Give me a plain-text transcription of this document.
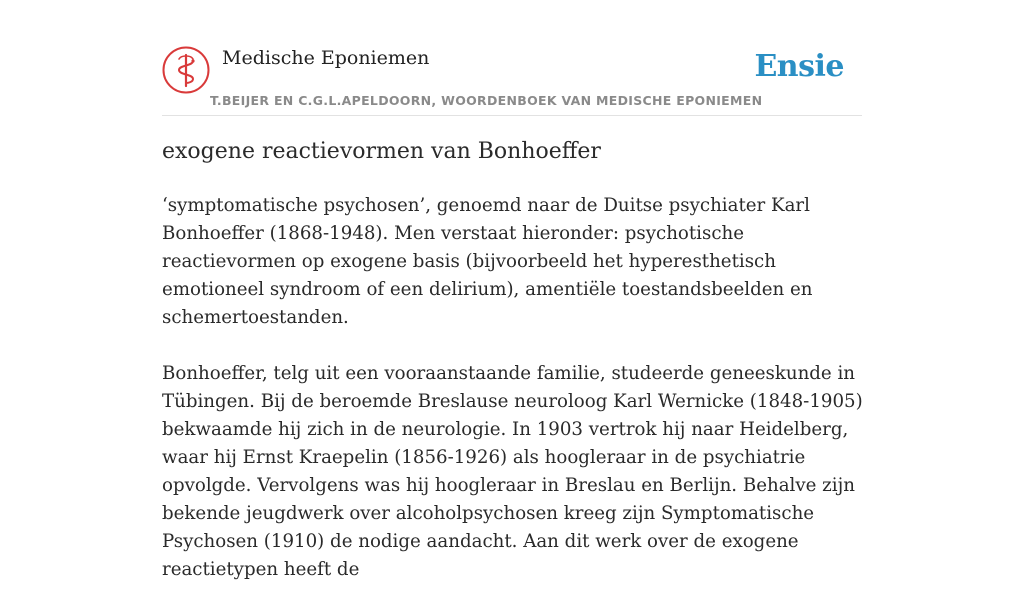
Medische Eponiemen
T.BEIJER EN C.G.L.APELDOORN, WOORDENBOEK VAN MEDISCHE EPONIEMEN
Ensie
exogene reactievormen van Bonhoeffer

‘symptomatische psychosen’, genoemd naar de Duitse psychiater Karl Bonhoeffer (1868-1948). Men verstaat hieronder: psychotische reactievormen op exogene basis (bijvoorbeeld het hyperesthetisch emotioneel syndroom of een delirium), amentiële toestandsbeelden en schemertoestanden.

Bonhoeffer, telg uit een vooraanstaande familie, studeerde geneeskunde in Tübingen. Bij de beroemde Breslause neuroloog Karl Wernicke (1848-1905) bekwaamde hij zich in de neurologie. In 1903 vertrok hij naar Heidelberg, waar hij Ernst Kraepelin (1856-1926) als hoogleraar in de psychiatrie opvolgde. Vervolgens was hij hoogleraar in Breslau en Berlijn. Behalve zijn bekende jeugdwerk over alcoholpsychosen kreeg zijn Symptomatische Psychosen (1910) de nodige aandacht. Aan dit werk over de exogene reactietypen heeft de
